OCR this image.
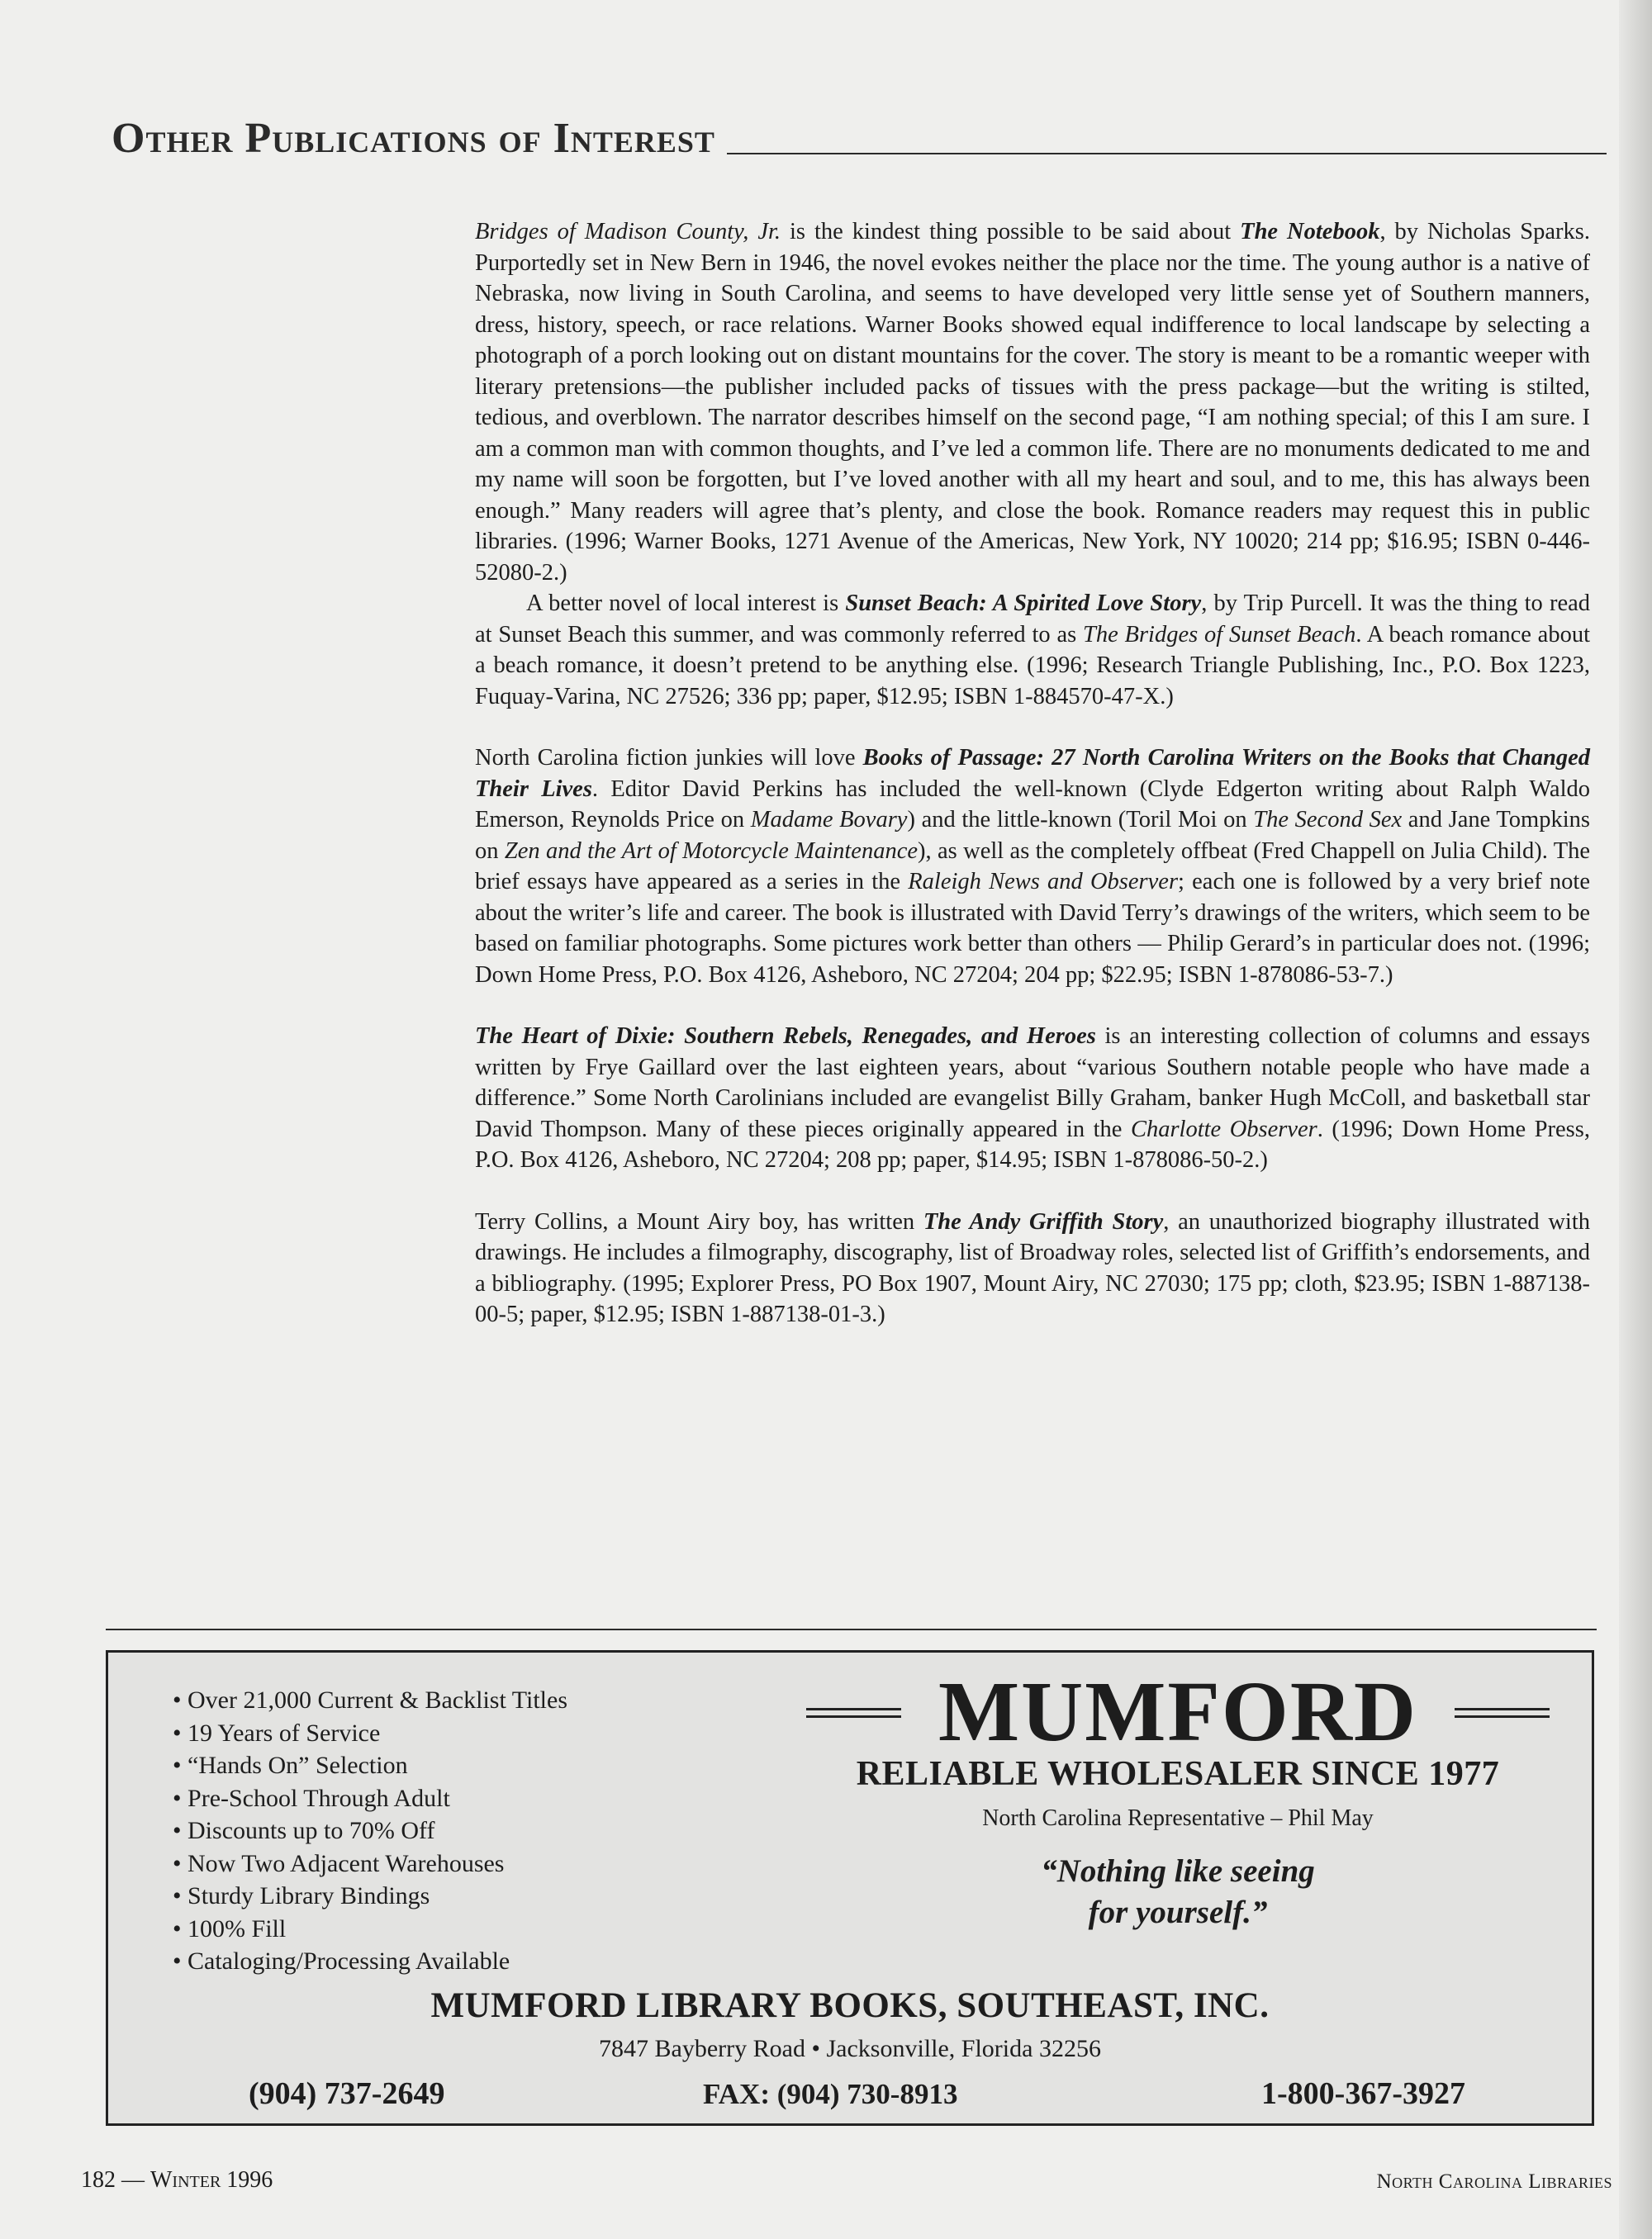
Other Publications of Interest

Bridges of Madison County, Jr. is the kindest thing possible to be said about The Notebook, by Nicholas Sparks. Purportedly set in New Bern in 1946, the novel evokes neither the place nor the time. The young author is a native of Nebraska, now living in South Carolina, and seems to have developed very little sense yet of Southern manners, dress, history, speech, or race relations. Warner Books showed equal indifference to local landscape by selecting a photograph of a porch looking out on distant mountains for the cover. The story is meant to be a romantic weeper with literary pretensions—the publisher included packs of tissues with the press package—but the writing is stilted, tedious, and overblown. The narrator describes himself on the second page, “I am nothing special; of this I am sure. I am a common man with common thoughts, and I’ve led a common life. There are no monuments dedicated to me and my name will soon be forgotten, but I’ve loved another with all my heart and soul, and to me, this has always been enough.” Many readers will agree that’s plenty, and close the book. Romance readers may request this in public libraries. (1996; Warner Books, 1271 Avenue of the Americas, New York, NY 10020; 214 pp; $16.95; ISBN 0-446-52080-2.)

A better novel of local interest is Sunset Beach: A Spirited Love Story, by Trip Purcell. It was the thing to read at Sunset Beach this summer, and was commonly referred to as The Bridges of Sunset Beach. A beach romance about a beach romance, it doesn’t pretend to be anything else. (1996; Research Triangle Publishing, Inc., P.O. Box 1223, Fuquay-Varina, NC 27526; 336 pp; paper, $12.95; ISBN 1-884570-47-X.)

North Carolina fiction junkies will love Books of Passage: 27 North Carolina Writers on the Books that Changed Their Lives. Editor David Perkins has included the well-known (Clyde Edgerton writing about Ralph Waldo Emerson, Reynolds Price on Madame Bovary) and the little-known (Toril Moi on The Second Sex and Jane Tompkins on Zen and the Art of Motorcycle Maintenance), as well as the completely offbeat (Fred Chappell on Julia Child). The brief essays have appeared as a series in the Raleigh News and Observer; each one is followed by a very brief note about the writer’s life and career. The book is illustrated with David Terry’s drawings of the writers, which seem to be based on familiar photographs. Some pictures work better than others — Philip Gerard’s in particular does not. (1996; Down Home Press, P.O. Box 4126, Asheboro, NC 27204; 204 pp; $22.95; ISBN 1-878086-53-7.)

The Heart of Dixie: Southern Rebels, Renegades, and Heroes is an interesting collection of columns and essays written by Frye Gaillard over the last eighteen years, about “various Southern notable people who have made a difference.” Some North Carolinians included are evangelist Billy Graham, banker Hugh McColl, and basketball star David Thompson. Many of these pieces originally appeared in the Charlotte Observer. (1996; Down Home Press, P.O. Box 4126, Asheboro, NC 27204; 208 pp; paper, $14.95; ISBN 1-878086-50-2.)

Terry Collins, a Mount Airy boy, has written The Andy Griffith Story, an unauthorized biography illustrated with drawings. He includes a filmography, discography, list of Broadway roles, selected list of Griffith’s endorsements, and a bibliography. (1995; Explorer Press, PO Box 1907, Mount Airy, NC 27030; 175 pp; cloth, $23.95; ISBN 1-887138-00-5; paper, $12.95; ISBN 1-887138-01-3.)

• Over 21,000 Current & Backlist Titles
• 19 Years of Service
• “Hands On” Selection
• Pre-School Through Adult
• Discounts up to 70% Off
• Now Two Adjacent Warehouses
• Sturdy Library Bindings
• 100% Fill
• Cataloging/Processing Available
MUMFORD
RELIABLE WHOLESALER SINCE 1977
North Carolina Representative – Phil May
“Nothing like seeing
for yourself.”
MUMFORD LIBRARY BOOKS, SOUTHEAST, INC.
7847 Bayberry Road • Jacksonville, Florida 32256
(904) 737-2649	FAX: (904) 730-8913	1-800-367-3927
182 — Winter 1996	North Carolina Libraries
